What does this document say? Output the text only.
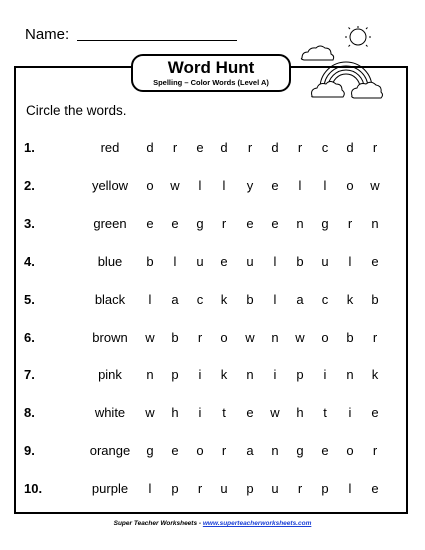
Name:
Word Hunt
Spelling – Color Words (Level A)
Circle the words.
1.	red	d r e d r d r c d r
2.	yellow	o w	l	l	y e	l	l	o w
3.	green	e e g r e e n g r n
4.	blue	b	l	u e u	l	b u	l	e
5.	black	l	a c k b	l	a c k b
6.	brown	w b r o w n w o b r
7.	pink	n p	i	k n	i	p	i	n k
8.	white	w h	i	t	e w h	t	i	e
9.	orange	g e o r a n g e o r
10.	purple	l	p r u p u r p	l	e
Super Teacher Worksheets - www.superteacherworksheets.com
